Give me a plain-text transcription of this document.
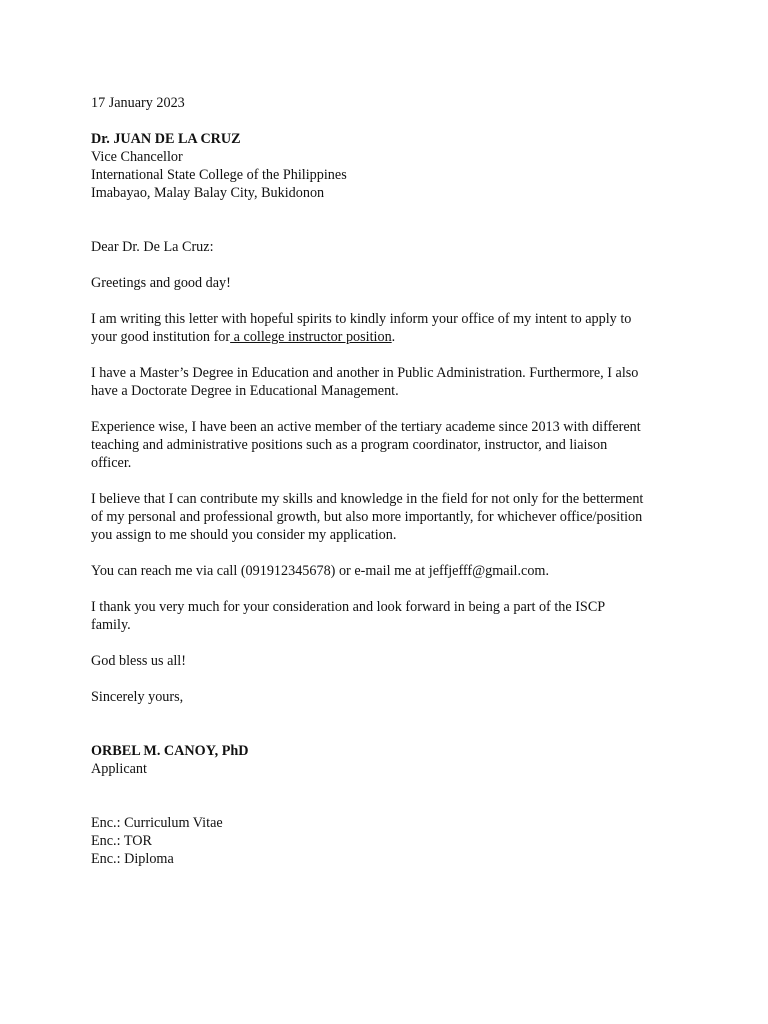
17 January 2023
Dr. JUAN DE LA CRUZ
Vice Chancellor
International State College of the Philippines
Imabayao, Malay Balay City, Bukidonon
Dear Dr. De La Cruz:
Greetings and good day!
I am writing this letter with hopeful spirits to kindly inform your office of my intent to apply to
your good institution for a college instructor position.
I have a Master’s Degree in Education and another in Public Administration. Furthermore, I also
have a Doctorate Degree in Educational Management.
Experience wise, I have been an active member of the tertiary academe since 2013 with different
teaching and administrative positions such as a program coordinator, instructor, and liaison
officer.
I believe that I can contribute my skills and knowledge in the field for not only for the betterment
of my personal and professional growth, but also more importantly, for whichever office/position
you assign to me should you consider my application.
You can reach me via call (091912345678) or e-mail me at jeffjefff@gmail.com.
I thank you very much for your consideration and look forward in being a part of the ISCP
family.
God bless us all!
Sincerely yours,
ORBEL M. CANOY, PhD
Applicant
Enc.: Curriculum Vitae
Enc.: TOR
Enc.: Diploma
